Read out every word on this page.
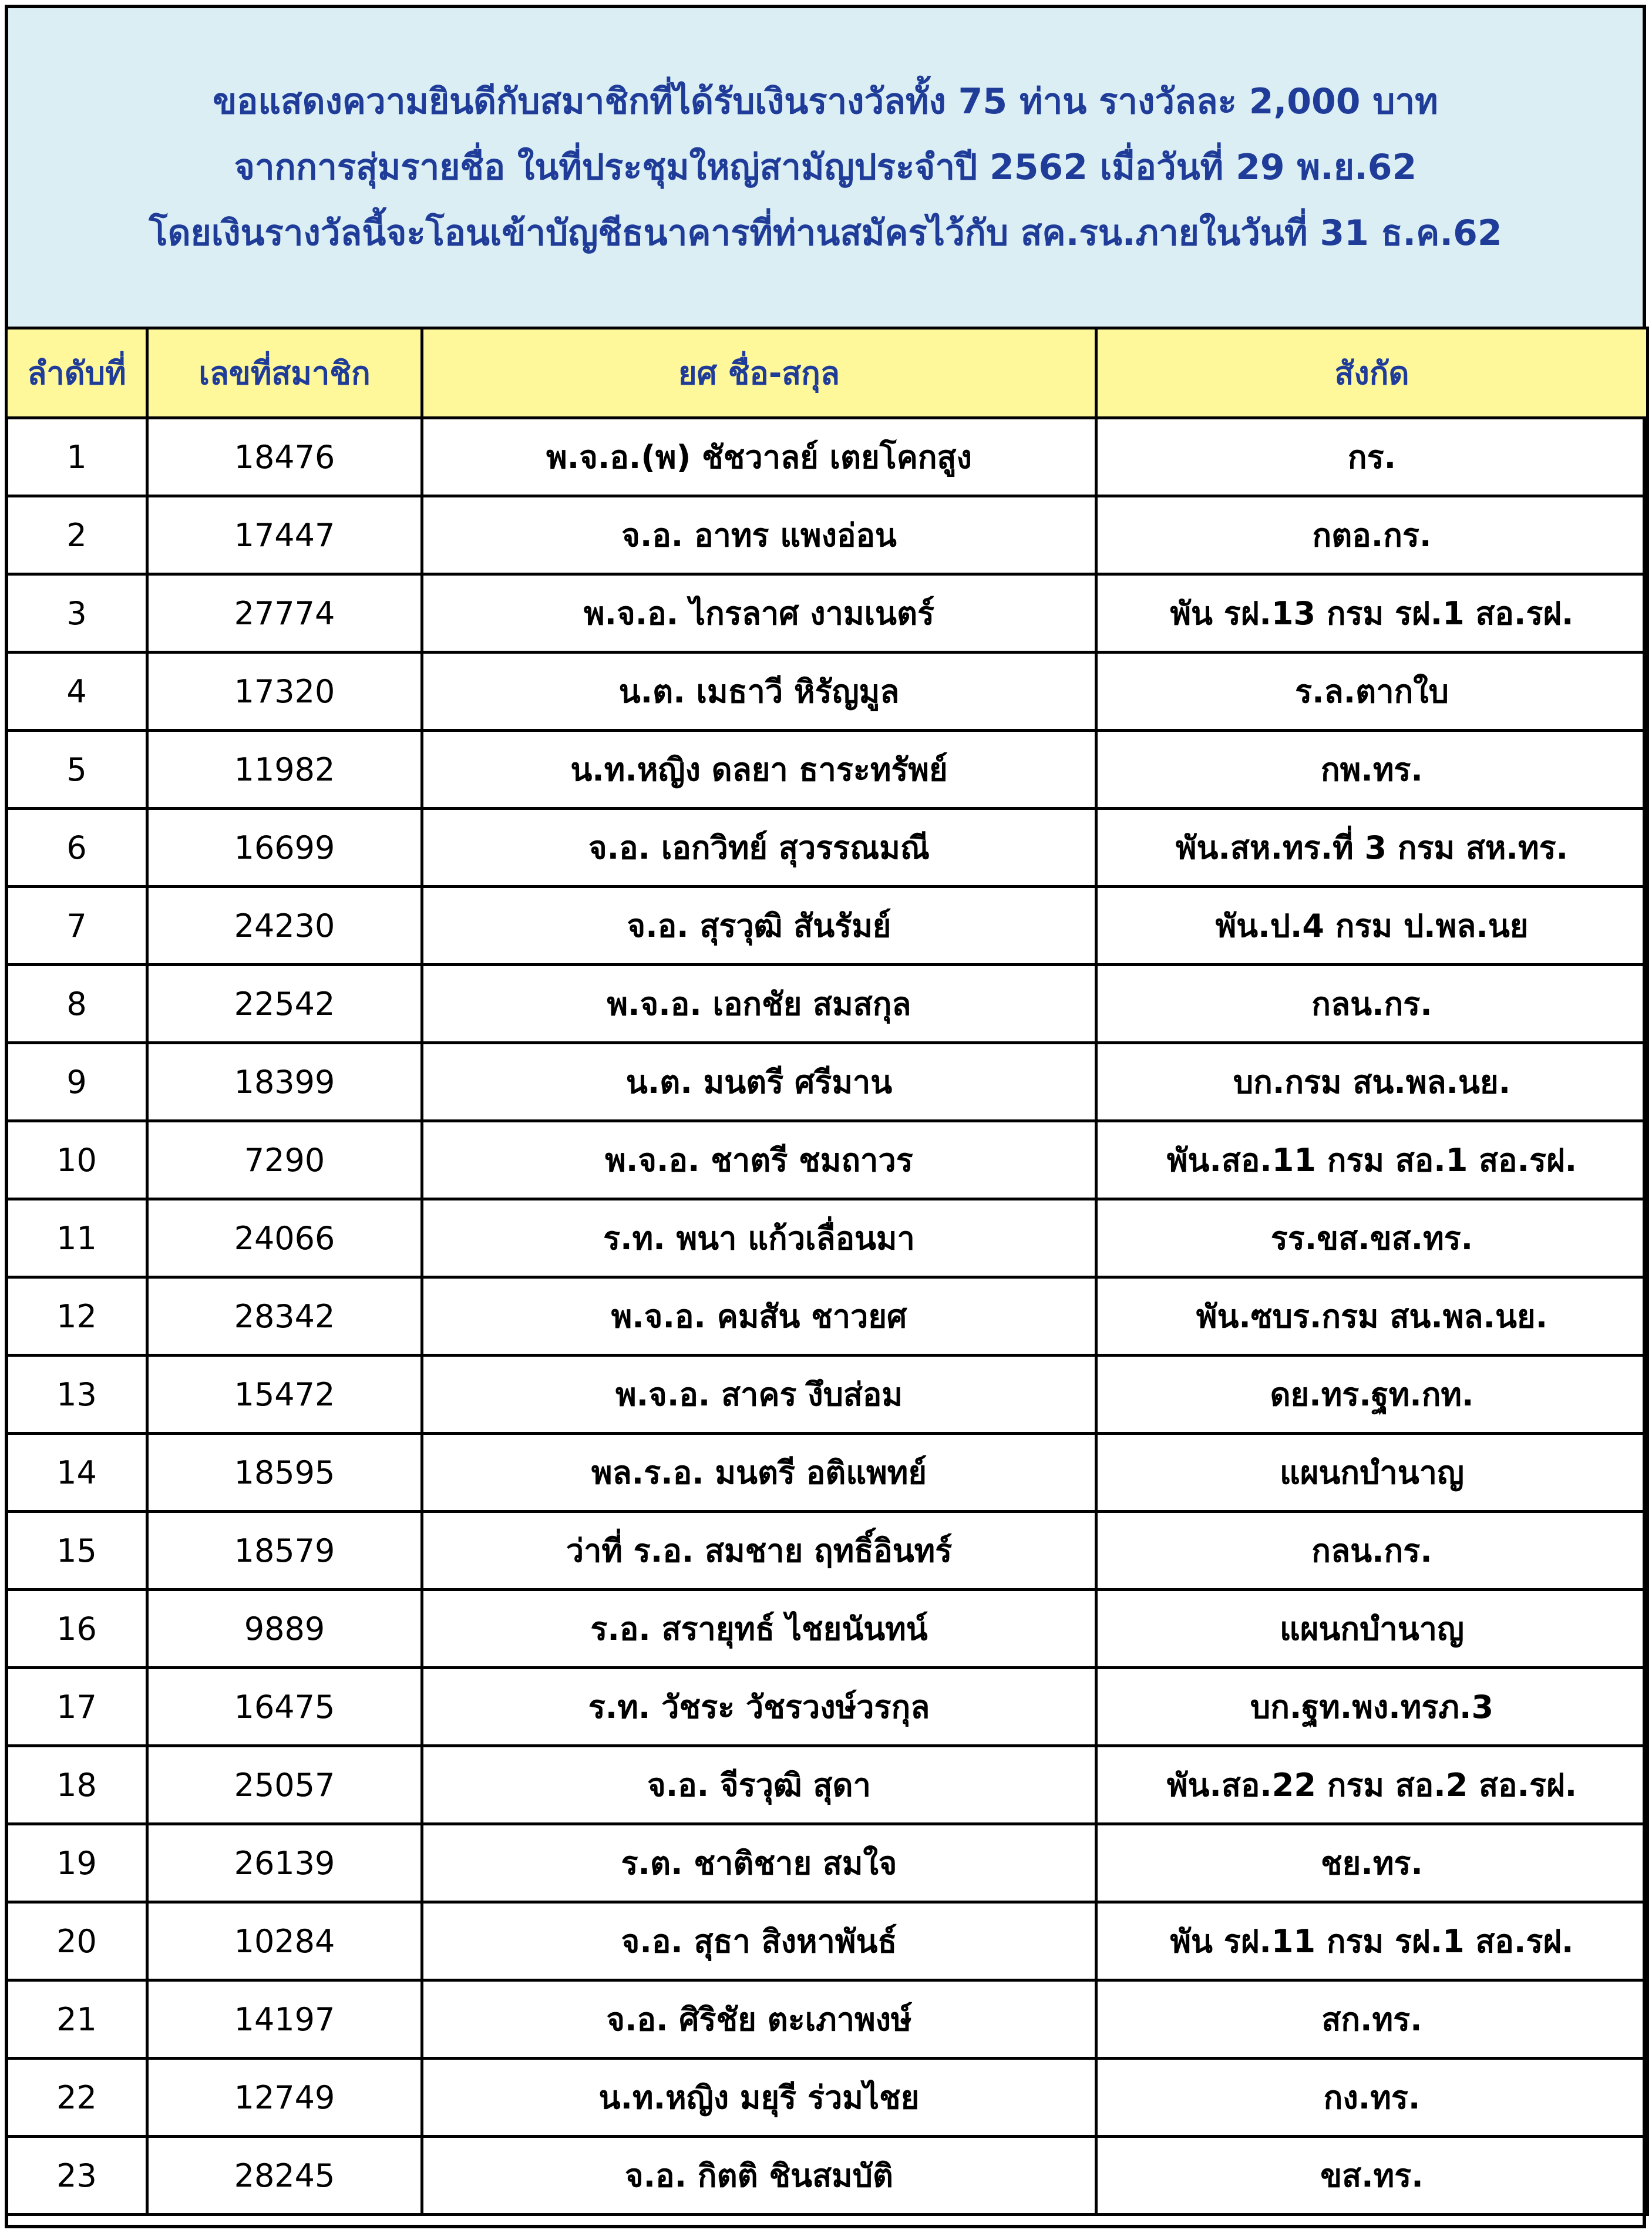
ขอแสดงความยินดีกับสมาชิกที่ได้รับเงินรางวัลทั้ง 75 ท่าน รางวัลละ 2,000 บาท
จากการสุ่มรายชื่อ ในที่ประชุมใหญ่สามัญประจำปี 2562 เมื่อวันที่ 29 พ.ย.62
โดยเงินรางวัลนี้จะโอนเข้าบัญชีธนาคารที่ท่านสมัครไว้กับ สค.รน.ภายในวันที่ 31 ธ.ค.62
ลำดับที่	เลขที่สมาชิก	ยศ ชื่อ-สกุล	สังกัด
1	18476	พ.จ.อ.(พ) ชัชวาลย์ เตยโคกสูง	กร.
2	17447	จ.อ. อาทร แพงอ่อน	กตอ.กร.
3	27774	พ.จ.อ. ไกรลาศ งามเนตร์	พัน รฝ.13 กรม รฝ.1 สอ.รฝ.
4	17320	น.ต. เมธาวี หิรัญมูล	ร.ล.ตากใบ
5	11982	น.ท.หญิง ดลยา ธาระทรัพย์	กพ.ทร.
6	16699	จ.อ. เอกวิทย์ สุวรรณมณี	พัน.สห.ทร.ที่ 3 กรม สห.ทร.
7	24230	จ.อ. สุรวุฒิ สันรัมย์	พัน.ป.4 กรม ป.พล.นย
8	22542	พ.จ.อ. เอกชัย สมสกุล	กลน.กร.
9	18399	น.ต. มนตรี ศรีมาน	บก.กรม สน.พล.นย.
10	7290	พ.จ.อ. ชาตรี ชมถาวร	พัน.สอ.11 กรม สอ.1 สอ.รฝ.
11	24066	ร.ท. พนา แก้วเลื่อนมา	รร.ขส.ขส.ทร.
12	28342	พ.จ.อ. คมสัน ชาวยศ	พัน.ซบร.กรม สน.พล.นย.
13	15472	พ.จ.อ. สาคร งึบส่อม	ดย.ทร.ฐท.กท.
14	18595	พล.ร.อ. มนตรี อติแพทย์	แผนกบำนาญ
15	18579	ว่าที่ ร.อ. สมชาย ฤทธิ์อินทร์	กลน.กร.
16	9889	ร.อ. สรายุทธ์ ไชยนันทน์	แผนกบำนาญ
17	16475	ร.ท. วัชระ วัชรวงษ์วรกุล	บก.ฐท.พง.ทรภ.3
18	25057	จ.อ. จีรวุฒิ สุดา	พัน.สอ.22 กรม สอ.2 สอ.รฝ.
19	26139	ร.ต. ชาติชาย สมใจ	ชย.ทร.
20	10284	จ.อ. สุธา สิงหาพันธ์	พัน รฝ.11 กรม รฝ.1 สอ.รฝ.
21	14197	จ.อ. ศิริชัย ตะเภาพงษ์	สก.ทร.
22	12749	น.ท.หญิง มยุรี ร่วมไชย	กง.ทร.
23	28245	จ.อ. กิตติ ชินสมบัติ	ขส.ทร.
